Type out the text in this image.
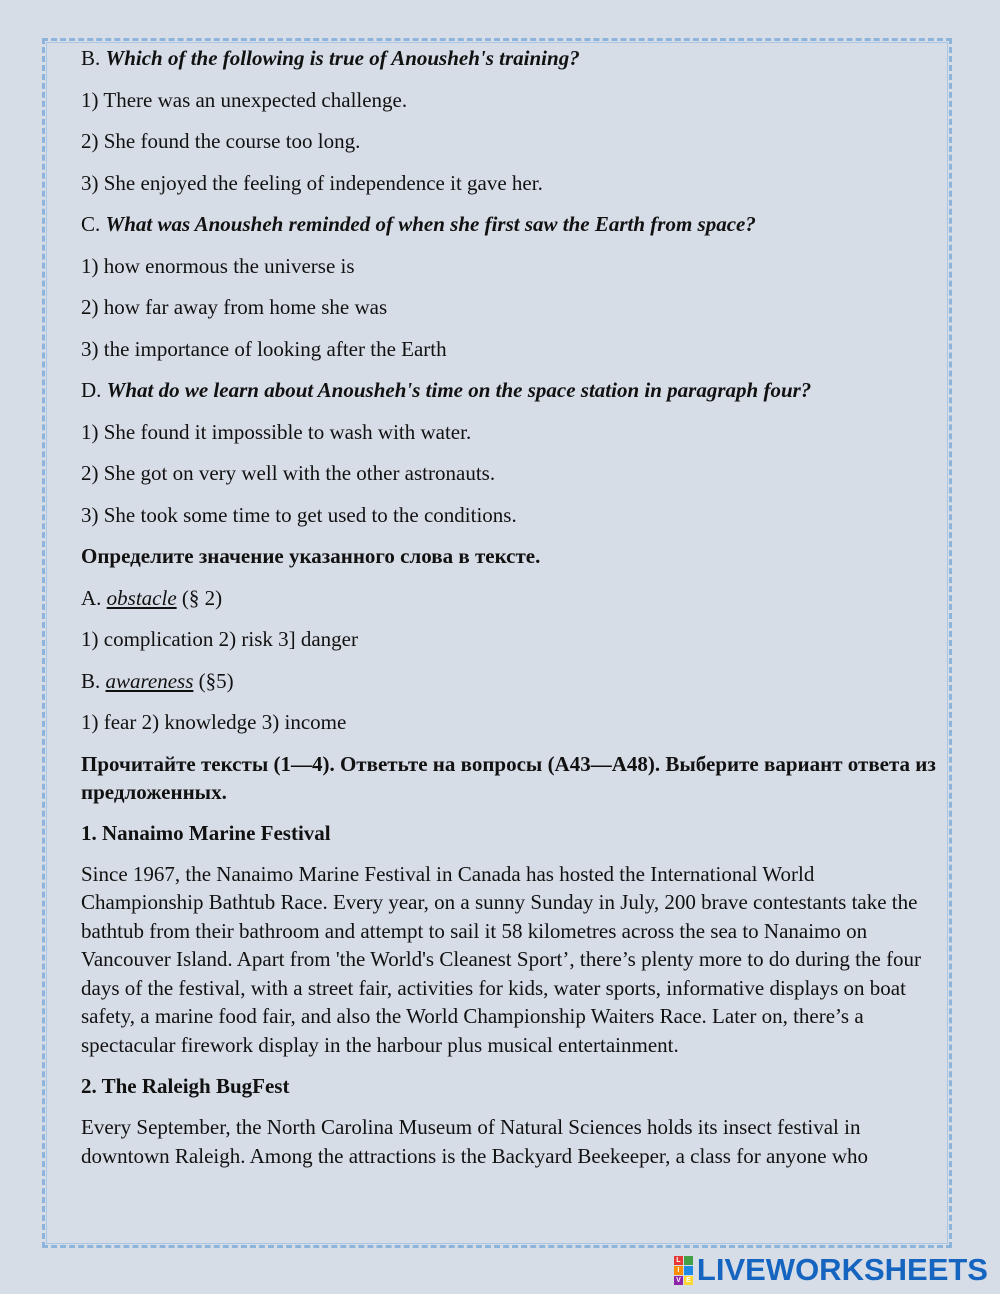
B. Which of the following is true of Anousheh's training?

1) There was an unexpected challenge.

2) She found the course too long.

3) She enjoyed the feeling of independence it gave her.

C. What was Anousheh reminded of when she first saw the Earth from space?

1) how enormous the universe is

2) how far away from home she was

3) the importance of looking after the Earth

D. What do we learn about Anousheh's time on the space station in paragraph four?

1) She found it impossible to wash with water.

2) She got on very well with the other astronauts.

3) She took some time to get used to the conditions.

Определите значение указанного слова в тексте.

A. obstacle (§ 2)

1) complication 2) risk 3] danger

B. awareness (§5)

1) fear 2) knowledge 3) income

Прочитайте тексты (1—4). Ответьте на вопросы (А43—А48). Выберите вариант ответа из предложенных.

1. Nanaimo Marine Festival

Since 1967, the Nanaimo Marine Festival in Canada has hosted the International World Championship Bathtub Race. Every year, on a sunny Sunday in July, 200 brave contestants take the bathtub from their bathroom and attempt to sail it 58 kilometres across the sea to Nanaimo on Vancouver Island. Apart from 'the World's Cleanest Sport’, there’s plenty more to do during the four days of the festival, with a street fair, activities for kids, water sports, informative displays on boat safety, a marine food fair, and also the World Championship Waiters Race. Later on, there’s a spectacular firework display in the harbour plus musical entertainment.

2. The Raleigh BugFest

Every September, the North Carolina Museum of Natural Sciences holds its insect festival in downtown Raleigh. Among the attractions is the Backyard Beekeeper, a class for anyone who

L
I
V E LIVEWORKSHEETS
